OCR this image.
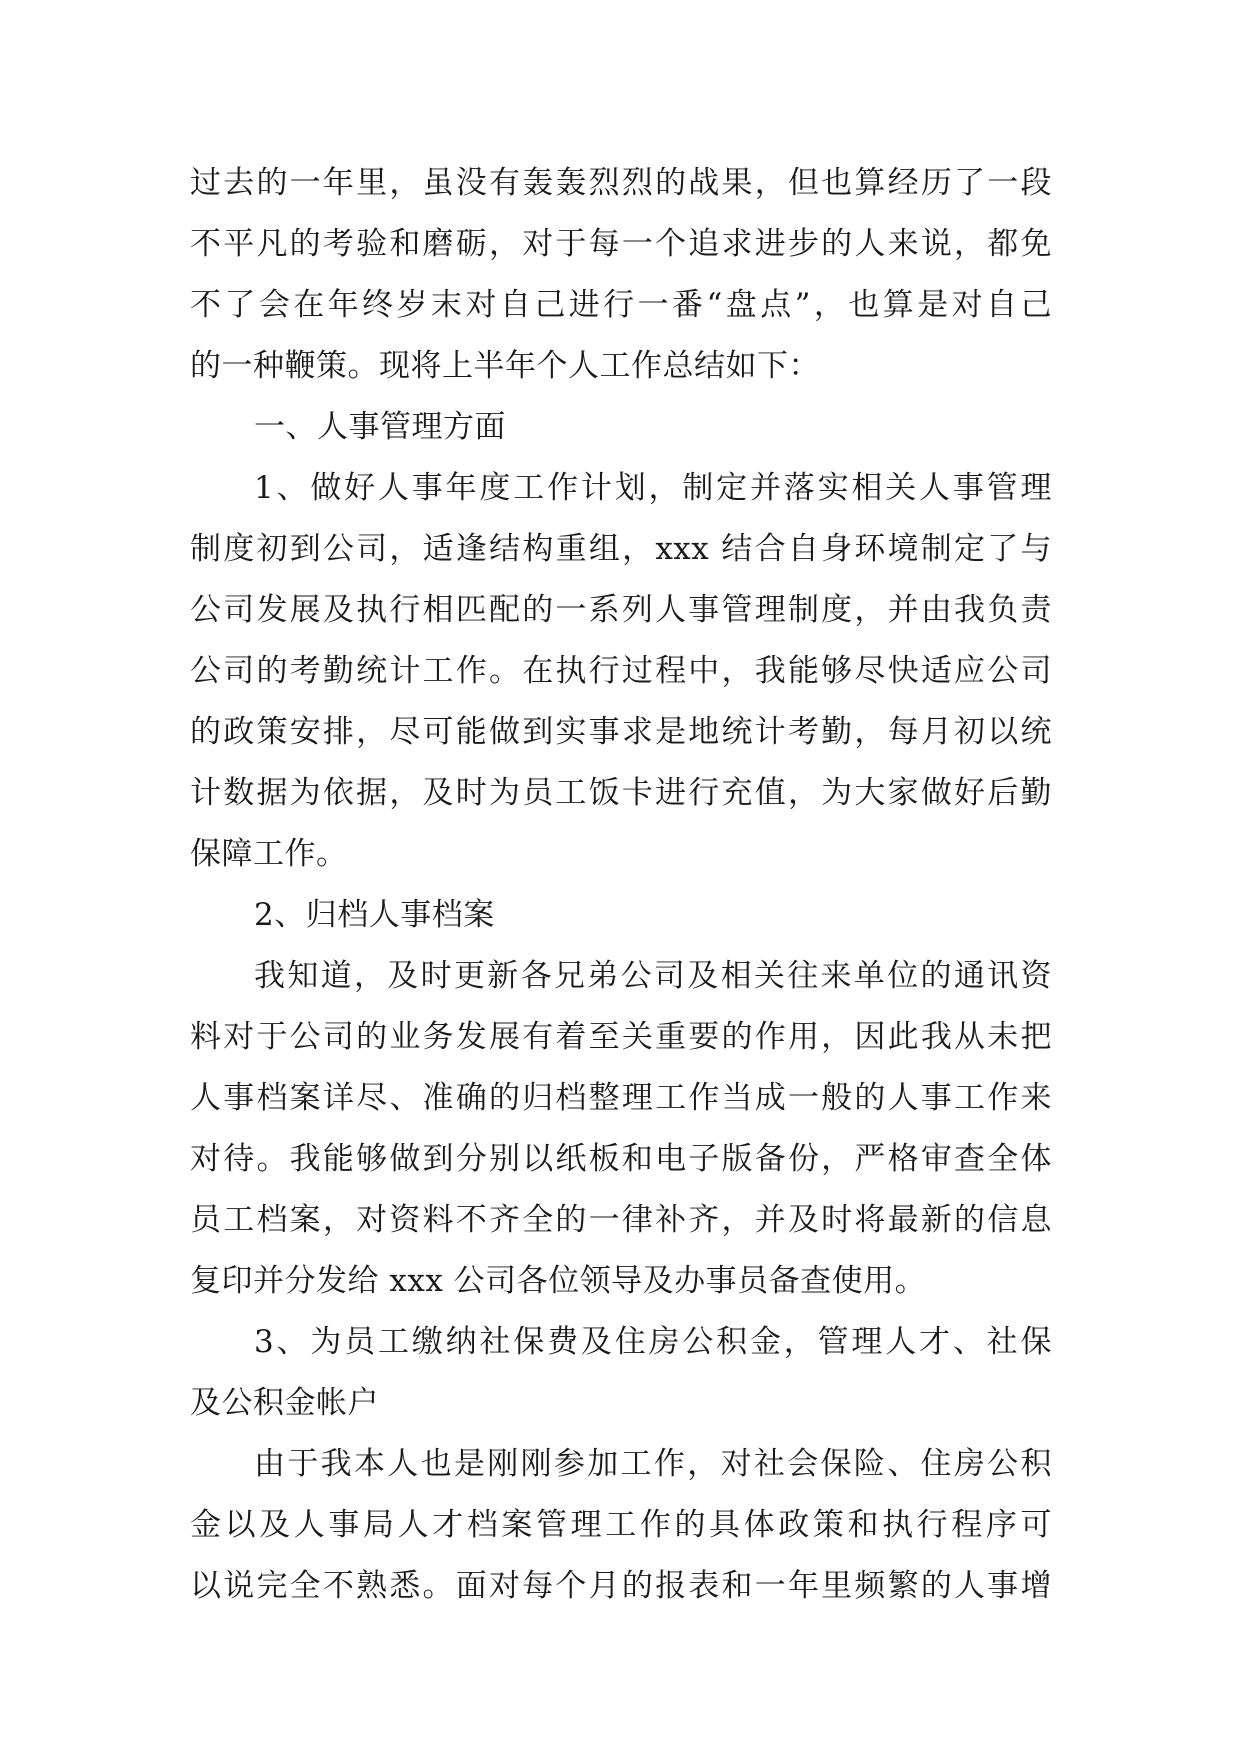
过去的一年里，虽没有轰轰烈烈的战果，但也算经历了一段
不平凡的考验和磨砺，对于每一个追求进步的人来说，都免
不了会在年终岁末对自己进行一番“盘点”，也算是对自己
的一种鞭策。现将上半年个人工作总结如下：
一、人事管理方面
1、做好人事年度工作计划，制定并落实相关人事管理
制度初到公司，适逢结构重组，xxx 结合自身环境制定了与
公司发展及执行相匹配的一系列人事管理制度，并由我负责
公司的考勤统计工作。在执行过程中，我能够尽快适应公司
的政策安排，尽可能做到实事求是地统计考勤，每月初以统
计数据为依据，及时为员工饭卡进行充值，为大家做好后勤
保障工作。
2、归档人事档案
我知道，及时更新各兄弟公司及相关往来单位的通讯资
料对于公司的业务发展有着至关重要的作用，因此我从未把
人事档案详尽、准确的归档整理工作当成一般的人事工作来
对待。我能够做到分别以纸板和电子版备份，严格审查全体
员工档案，对资料不齐全的一律补齐，并及时将最新的信息
复印并分发给 xxx 公司各位领导及办事员备查使用。
3、为员工缴纳社保费及住房公积金，管理人才、社保
及公积金帐户
由于我本人也是刚刚参加工作，对社会保险、住房公积
金以及人事局人才档案管理工作的具体政策和执行程序可
以说完全不熟悉。面对每个月的报表和一年里频繁的人事增
